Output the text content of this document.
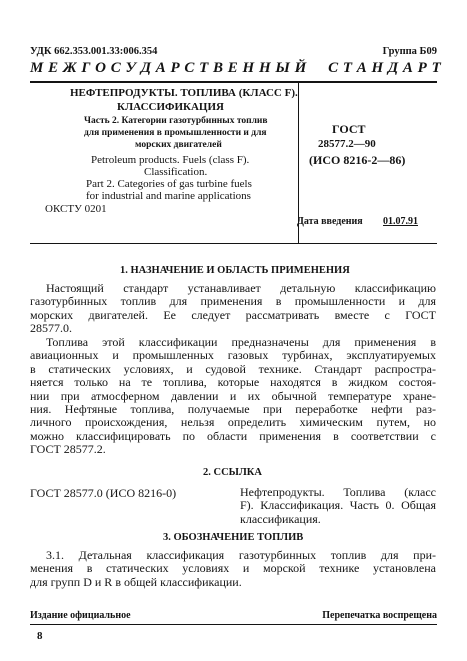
УДК 662.353.001.33:006.354	Группа Б09
М Е Ж Г О С У Д А Р С Т В Е Н Н Ы Й     С Т А Н Д А Р Т
НЕФТЕПРОДУКТЫ. ТОПЛИВА (КЛАСС F).
КЛАССИФИКАЦИЯ
Часть 2. Категории газотурбинных топлив
для применения в промышленности и для
морских двигателей
Petroleum products. Fuels (class F).
Classification.
Part 2. Categories of gas turbine fuels
for industrial and marine applications
ОКСТУ 0201
ГОСТ
28577.2—90
(ИСО 8216-2—86)
Дата введения 01.07.91
1. НАЗНАЧЕНИЕ И ОБЛАСТЬ ПРИМЕНЕНИЯ
Настоящий стандарт устанавливает детальную классификацию
газотурбинных топлив для применения в промышленности и для
морских двигателей. Ее следует рассматривать вместе с ГОСТ
28577.0.
Топлива этой классификации предназначены для применения в
авиационных и промышленных газовых турбинах, эксплуатируемых
в статических условиях, и судовой технике. Стандарт распростра-
няется только на те топлива, которые находятся в жидком состоя-
нии при атмосферном давлении и их обычной температуре хране-
ния. Нефтяные топлива, получаемые при переработке нефти раз-
личного происхождения, нельзя определить химическим путем, но
можно классифицировать по области применения в соответствии с
ГОСТ 28577.2.
2. ССЫЛКА
ГОСТ 28577.0 (ИСО 8216-0)	Нефтепродукты. Топлива (класс
F). Классификация. Часть 0. Общая
классификация.
3. ОБОЗНАЧЕНИЕ ТОПЛИВ
3.1. Детальная классификация газотурбинных топлив для при-
менения в статических условиях и морской технике установлена
для групп D и R в общей классификации.
Издание официальное	Перепечатка воспрещена
8
